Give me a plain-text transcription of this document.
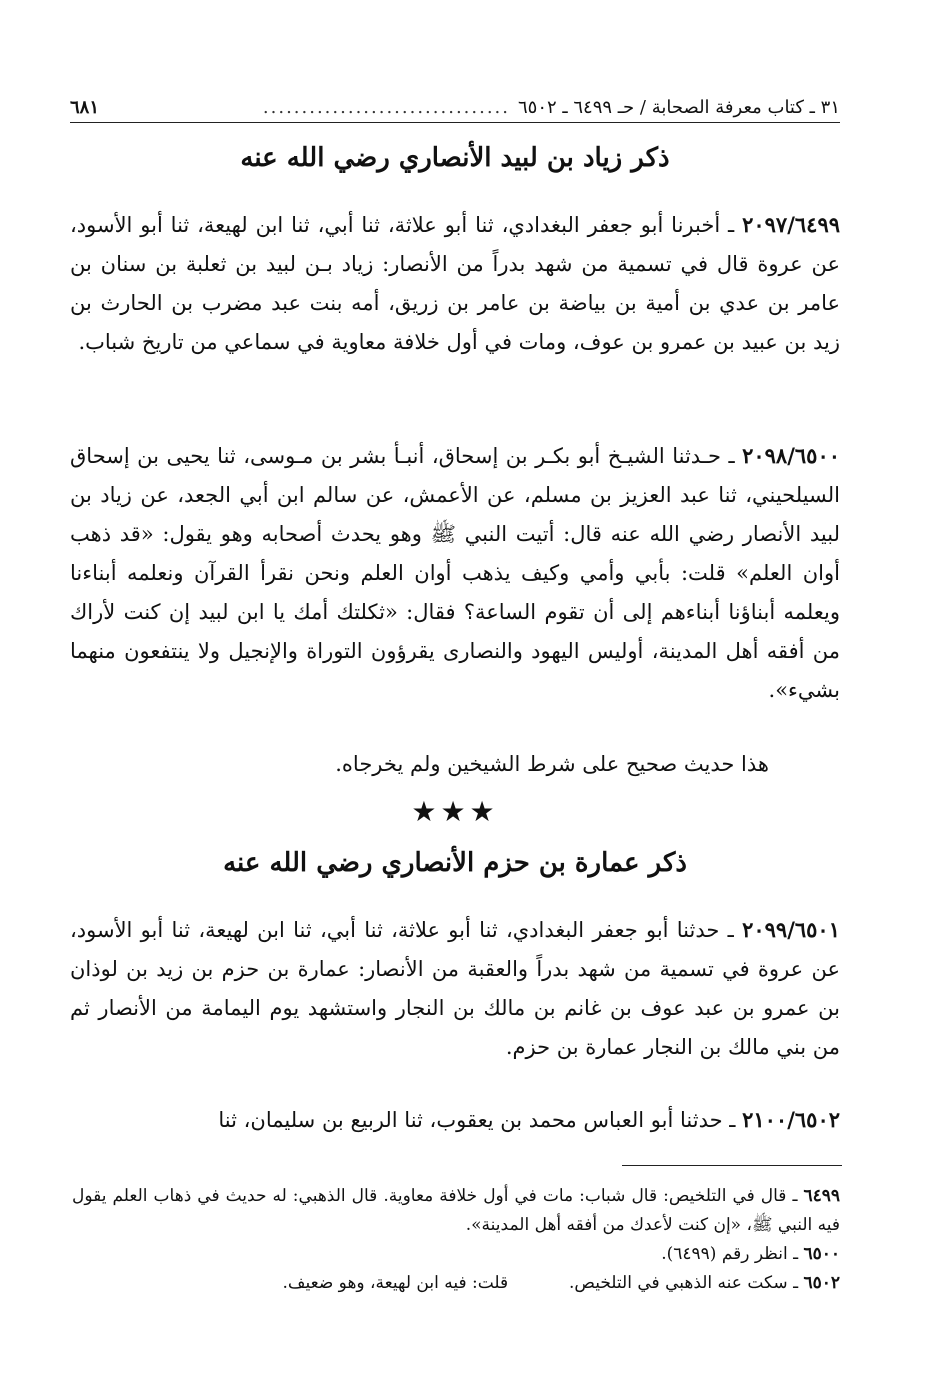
٣١ ـ كتاب معرفة الصحابة / حـ ٦٤٩٩ ـ ٦٥٠٢
................................
٦٨١
ذكر زياد بن لبيد الأنصاري رضي الله عنه
٢٠٩٧/٦٤٩٩ ـ أخبرنا أبو جعفر البغدادي، ثنا أبو علاثة، ثنا أبي، ثنا ابن لهيعة، ثنا أبو الأسود، عن عروة قال في تسمية من شهد بدراً من الأنصار: زياد بـن لبيد بن ثعلبة بن سنان بن عامر بن عدي بن أمية بن بياضة بن عامر بن زريق، أمه بنت عبد مضرب بن الحارث بن زيد بن عبيد بن عمرو بن عوف، ومات في أول خلافة معاوية في سماعي من تاريخ شباب.
٢٠٩٨/٦٥٠٠ ـ حـدثنا الشيـخ أبو بكـر بن إسحاق، أنبـأ بشر بن مـوسى، ثنا يحيى بن إسحاق السيلحيني، ثنا عبد العزيز بن مسلم، عن الأعمش، عن سالم ابن أبي الجعد، عن زياد بن لبيد الأنصار رضي الله عنه قال: أتيت النبي ﷺ وهو يحدث أصحابه وهو يقول: «قد ذهب أوان العلم» قلت: بأبي وأمي وكيف يذهب أوان العلم ونحن نقرأ القرآن ونعلمه أبناءنا ويعلمه أبناؤنا أبناءهم إلى أن تقوم الساعة؟ فقال: «ثكلتك أمك يا ابن لبيد إن كنت لأراك من أفقه أهل المدينة، أوليس اليهود والنصارى يقرؤون التوراة والإنجيل ولا ينتفعون منهما بشيء».
هذا حديث صحيح على شرط الشيخين ولم يخرجاه.
★★★
ذكر عمارة بن حزم الأنصاري رضي الله عنه
٢٠٩٩/٦٥٠١ ـ حدثنا أبو جعفر البغدادي، ثنا أبو علاثة، ثنا أبي، ثنا ابن لهيعة، ثنا أبو الأسود، عن عروة في تسمية من شهد بدراً والعقبة من الأنصار: عمارة بن حزم بن زيد بن لوذان بن عمرو بن عبد عوف بن غانم بن مالك بن النجار واستشهد يوم اليمامة من الأنصار ثم من بني مالك بن النجار عمارة بن حزم.
٢١٠٠/٦٥٠٢ ـ حدثنا أبو العباس محمد بن يعقوب، ثنا الربيع بن سليمان، ثنا

٦٤٩٩ ـ قال في التلخيص: قال شباب: مات في أول خلافة معاوية. قال الذهبي: له حديث في ذهاب العلم يقول فيه النبي ﷺ، «إن كنت لأعدك من أفقه أهل المدينة».

٦٥٠٠ ـ انظر رقم (٦٤٩٩).

٦٥٠٢ ـ سكت عنه الذهبي في التلخيص.  قلت: فيه ابن لهيعة، وهو ضعيف.
